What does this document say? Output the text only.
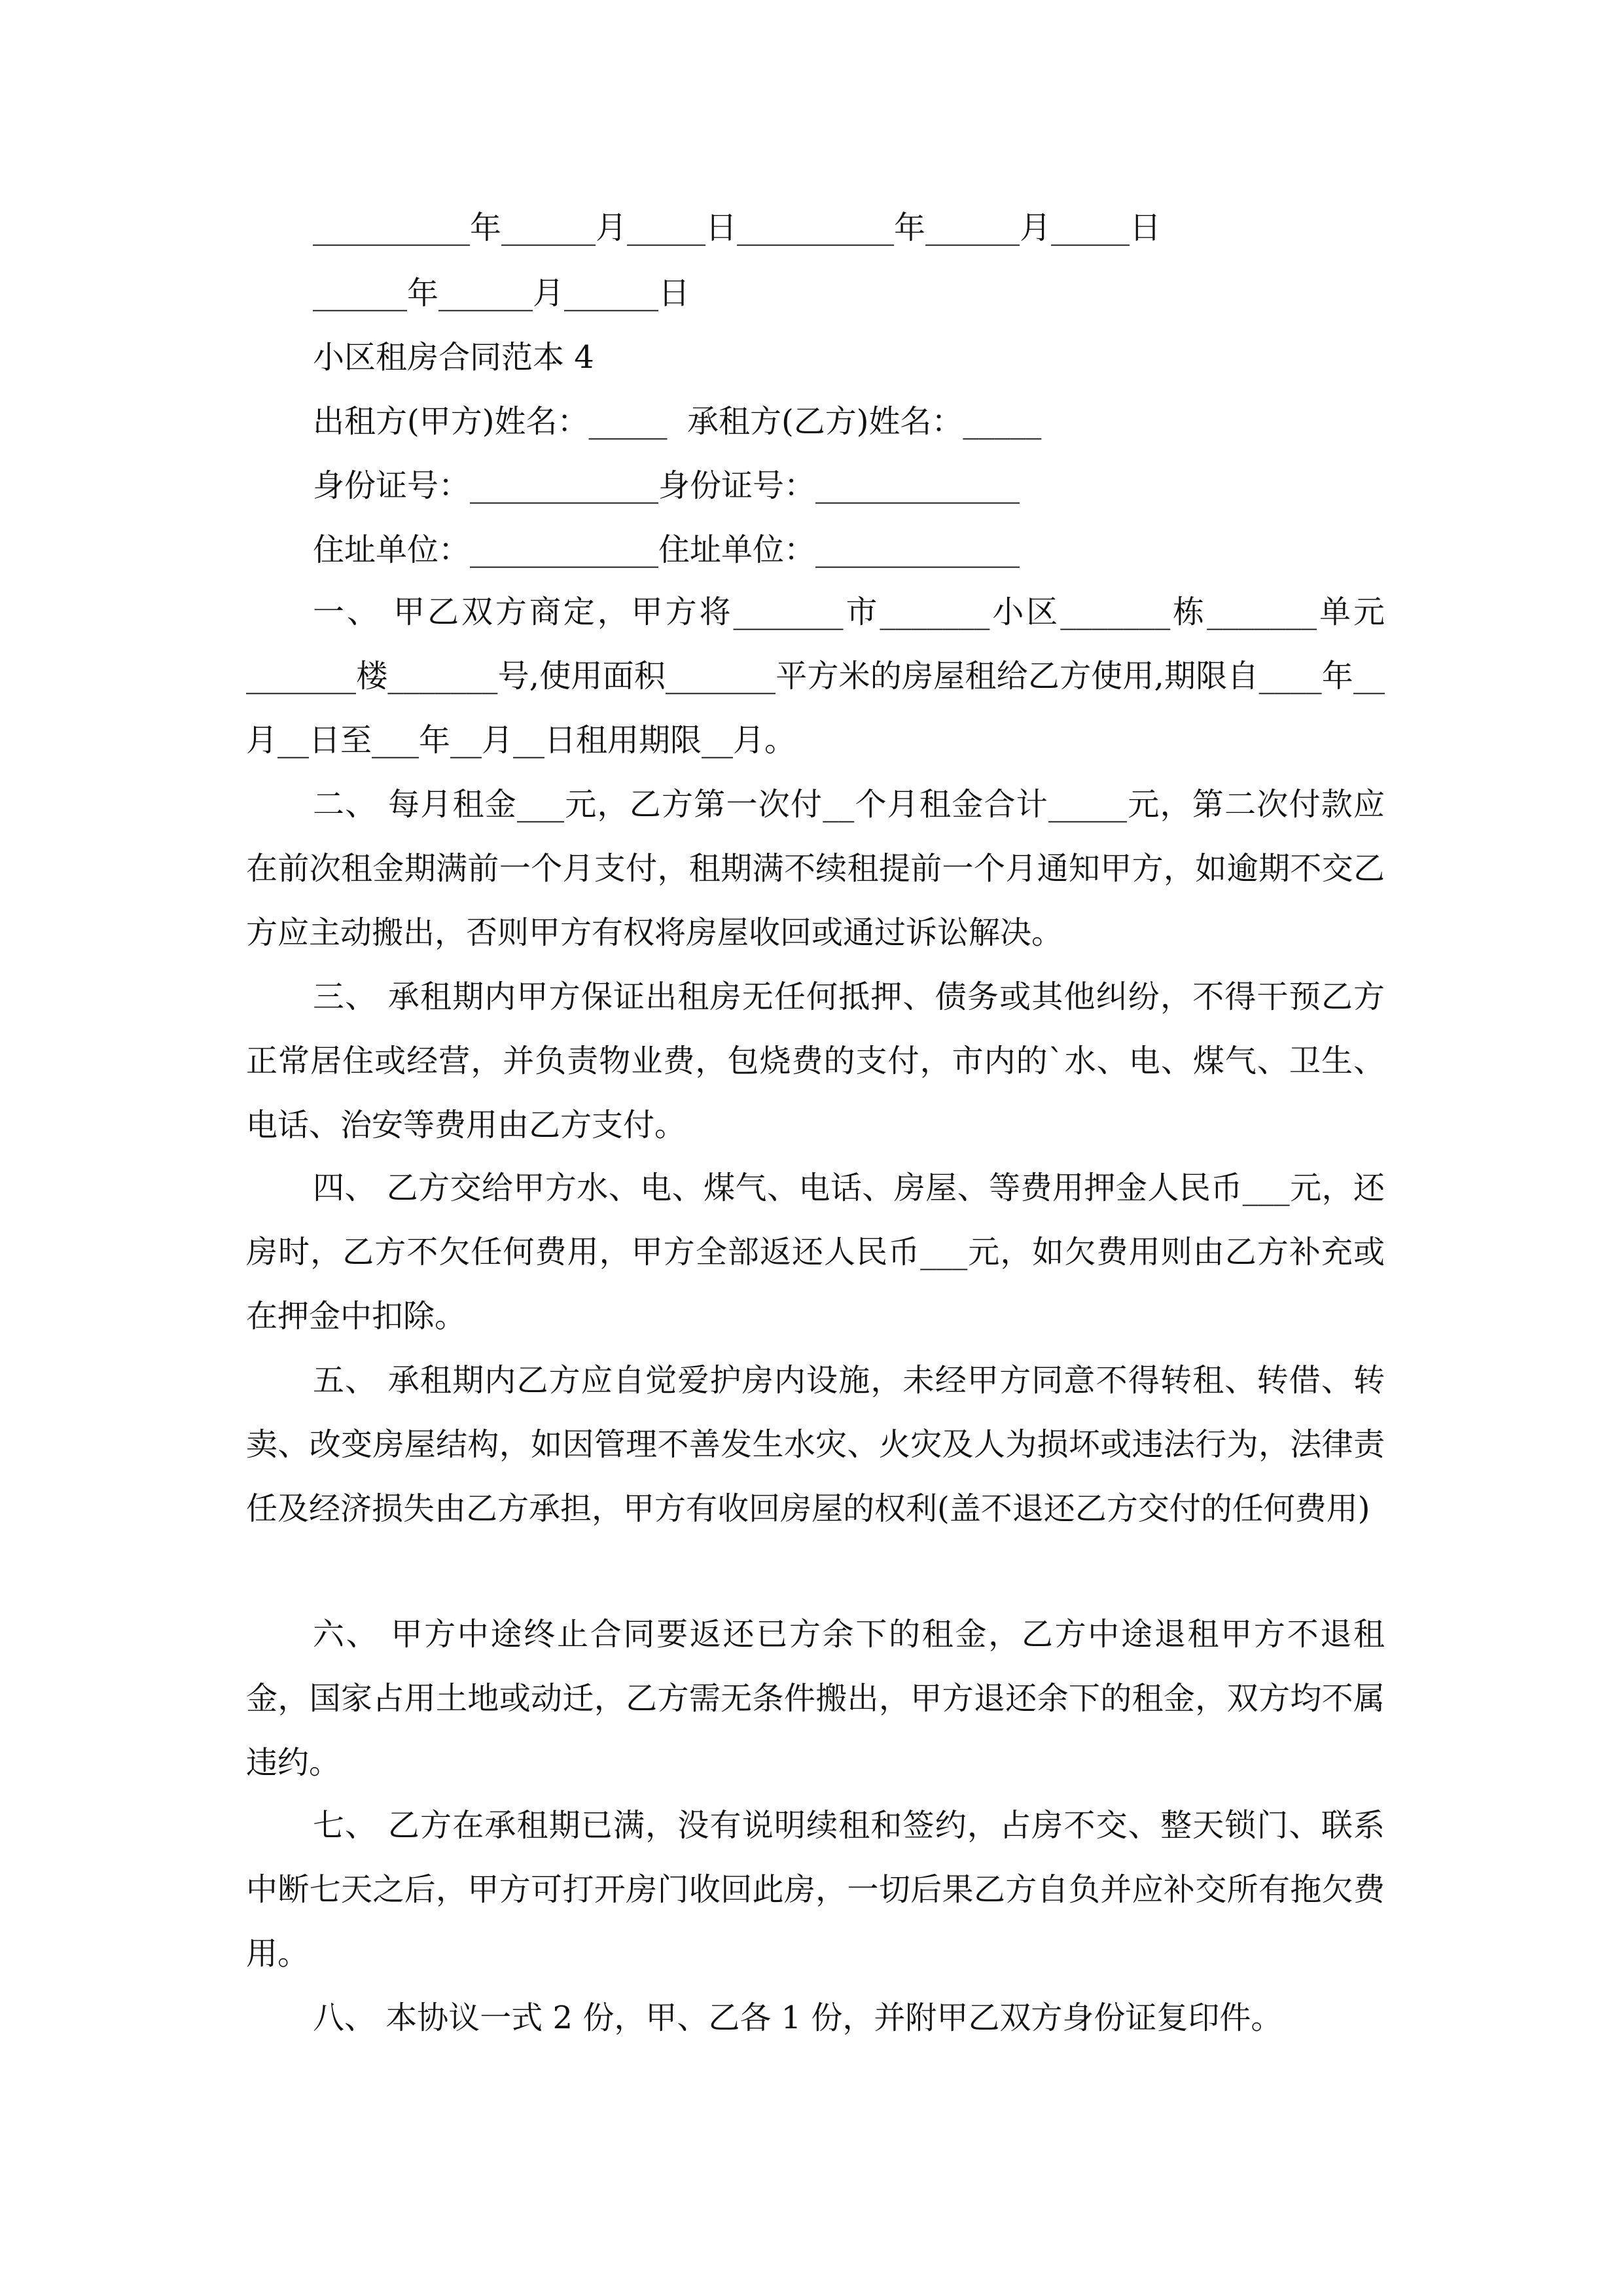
__________年______月_____日__________年______月_____日
______年______月______日
小区租房合同范本 4
出租方(甲方)姓名：_____  承租方(乙方)姓名：_____
身份证号：____________身份证号：_____________
住址单位：____________住址单位：_____________
一、 甲乙双方商定，甲方将_______市_______小区_______栋_______单元_______楼_______号,使用面积_______平方米的房屋租给乙方使用,期限自____年__月__日至___年__月__日租用期限__月。
二、 每月租金___元，乙方第一次付__个月租金合计_____元，第二次付款应在前次租金期满前一个月支付，租期满不续租提前一个月通知甲方，如逾期不交乙方应主动搬出，否则甲方有权将房屋收回或通过诉讼解决。
三、 承租期内甲方保证出租房无任何抵押、债务或其他纠纷，不得干预乙方正常居住或经营，并负责物业费，包烧费的支付，市内的`水、电、煤气、卫生、电话、治安等费用由乙方支付。
四、 乙方交给甲方水、电、煤气、电话、房屋、等费用押金人民币___元，还房时，乙方不欠任何费用，甲方全部返还人民币___元，如欠费用则由乙方补充或在押金中扣除。
五、 承租期内乙方应自觉爱护房内设施，未经甲方同意不得转租、转借、转卖、改变房屋结构，如因管理不善发生水灾、火灾及人为损坏或违法行为，法律责任及经济损失由乙方承担，甲方有收回房屋的权利(盖不退还乙方交付的任何费用)
六、 甲方中途终止合同要返还已方余下的租金，乙方中途退租甲方不退租金，国家占用土地或动迁，乙方需无条件搬出，甲方退还余下的租金，双方均不属违约。
七、 乙方在承租期已满，没有说明续租和签约，占房不交、整天锁门、联系中断七天之后，甲方可打开房门收回此房，一切后果乙方自负并应补交所有拖欠费用。
八、 本协议一式 2 份，甲、乙各 1 份，并附甲乙双方身份证复印件。
